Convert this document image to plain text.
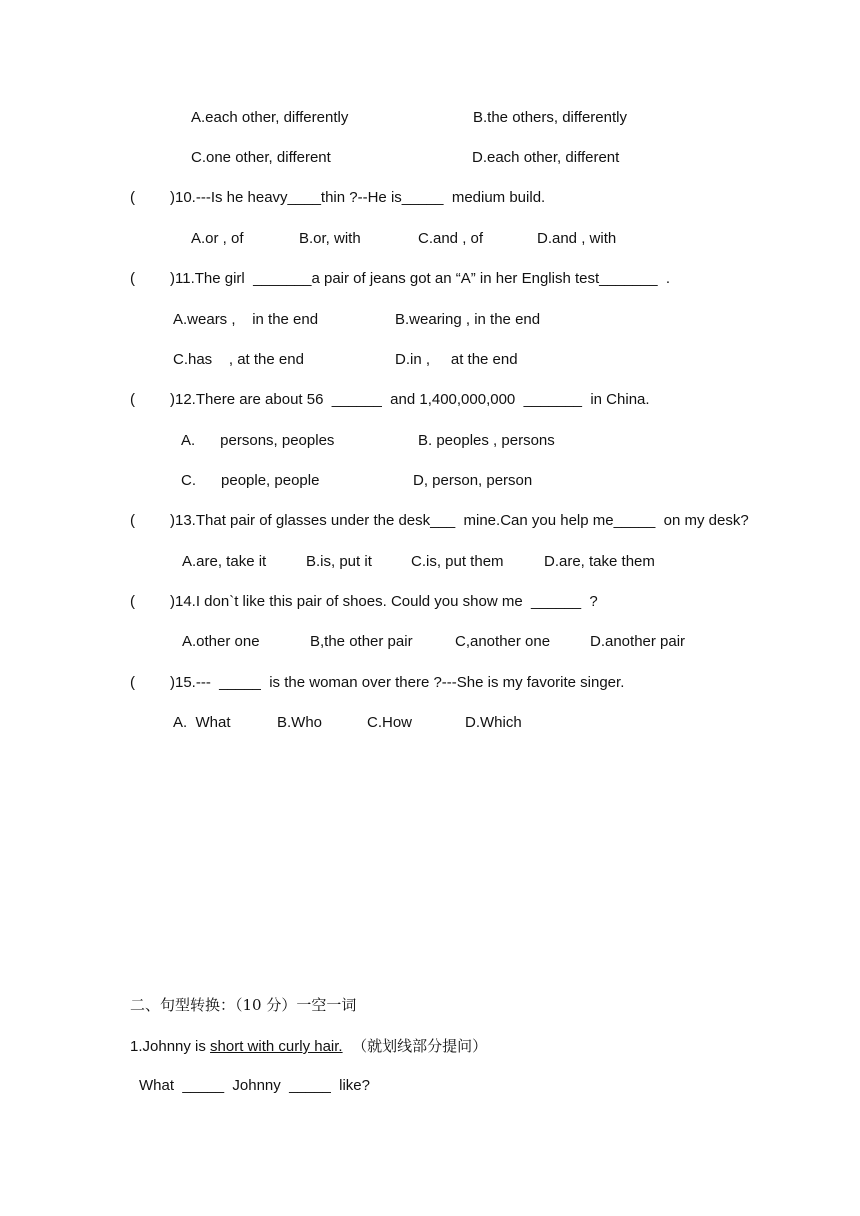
A.each other, differently	B.the others, differently
C.one other, different	D.each other, different
( )10.---Is he heavy____thin ?--He is_____  medium build.
A.or , of	B.or, with	C.and , of	D.and , with
( )11.The girl  _______a pair of jeans got an “A” in her English test_______  .
A.wears ,    in the end	B.wearing , in the end
C.has    , at the end	D.in ,     at the end
( )12.There are about 56  ______  and 1,400,000,000  _______  in China.
A.      persons, peoples	B. peoples , persons
C.      people, people	D, person, person
( )13.That pair of glasses under the desk___  mine.Can you help me_____  on my desk?
A.are, take it	B.is, put it	C.is, put them	D.are, take them
( )14.I don`t like this pair of shoes. Could you show me  ______  ?
A.other one	B,the other pair	C,another one	D.another pair
( )15.---  _____  is the woman over there ?---She is my favorite singer.
A.  What	B.Who	C.How	D.Which
二、句型转换：（10 分）一空一词
1.Johnny is short with curly hair.  （就划线部分提问）
What  _____  Johnny  _____  like?
